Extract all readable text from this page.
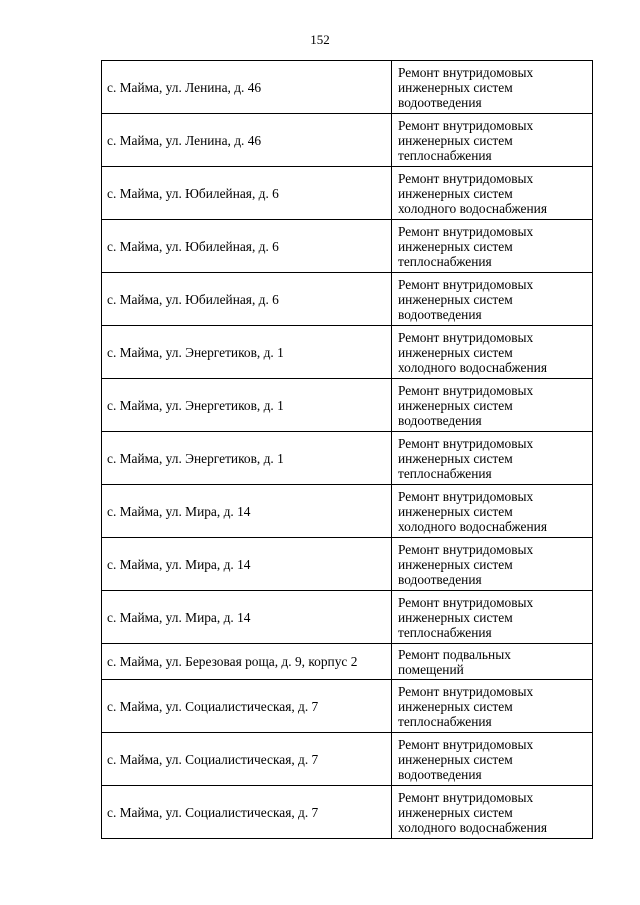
152
с. Майма, ул. Ленина, д. 46	Ремонт внутридомовых
инженерных систем
водоотведения
с. Майма, ул. Ленина, д. 46	Ремонт внутридомовых
инженерных систем
теплоснабжения
с. Майма, ул. Юбилейная, д. 6	Ремонт внутридомовых
инженерных систем
холодного водоснабжения
с. Майма, ул. Юбилейная, д. 6	Ремонт внутридомовых
инженерных систем
теплоснабжения
с. Майма, ул. Юбилейная, д. 6	Ремонт внутридомовых
инженерных систем
водоотведения
с. Майма, ул. Энергетиков, д. 1	Ремонт внутридомовых
инженерных систем
холодного водоснабжения
с. Майма, ул. Энергетиков, д. 1	Ремонт внутридомовых
инженерных систем
водоотведения
с. Майма, ул. Энергетиков, д. 1	Ремонт внутридомовых
инженерных систем
теплоснабжения
с. Майма, ул. Мира, д. 14	Ремонт внутридомовых
инженерных систем
холодного водоснабжения
с. Майма, ул. Мира, д. 14	Ремонт внутридомовых
инженерных систем
водоотведения
с. Майма, ул. Мира, д. 14	Ремонт внутридомовых
инженерных систем
теплоснабжения
с. Майма, ул. Березовая роща, д. 9, корпус 2	Ремонт подвальных
помещений
с. Майма, ул. Социалистическая, д. 7	Ремонт внутридомовых
инженерных систем
теплоснабжения
с. Майма, ул. Социалистическая, д. 7	Ремонт внутридомовых
инженерных систем
водоотведения
с. Майма, ул. Социалистическая, д. 7	Ремонт внутридомовых
инженерных систем
холодного водоснабжения
